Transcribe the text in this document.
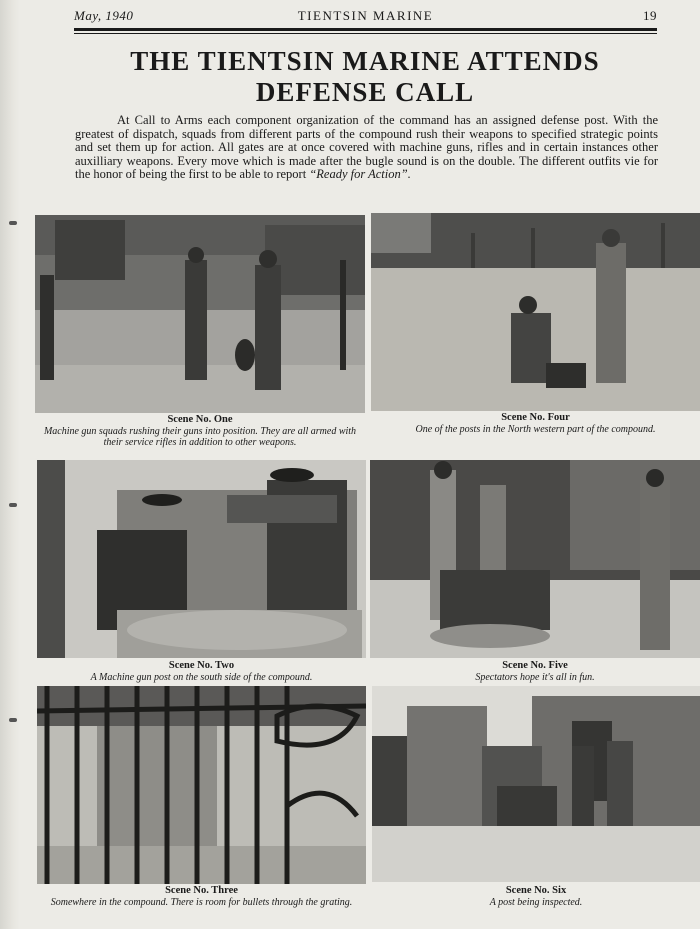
May, 1940	TIENTSIN MARINE	19
THE TIENTSIN MARINE ATTENDS
DEFENSE CALL
At Call to Arms each component organization of the command has an assigned defense post. With the greatest of dispatch, squads from different parts of the compound rush their weapons to specified strategic points and set them up for action. All gates are at once covered with machine guns, rifles and in certain instances other auxilliary weapons. Every move which is made after the bugle sound is on the double. The different outfits vie for the honor of being the first to be able to report “Ready for Action”.
Scene No. One
Machine gun squads rushing their guns into position. They are all armed with their service rifles in addition to other weapons.
Scene No. Four
One of the posts in the North western part of the compound.
Scene No. Two
A Machine gun post on the south side of the compound.
Scene No. Five
Spectators hope it's all in fun.
Scene No. Three
Somewhere in the compound. There is room for bullets through the grating.
Scene No. Six
A post being inspected.
